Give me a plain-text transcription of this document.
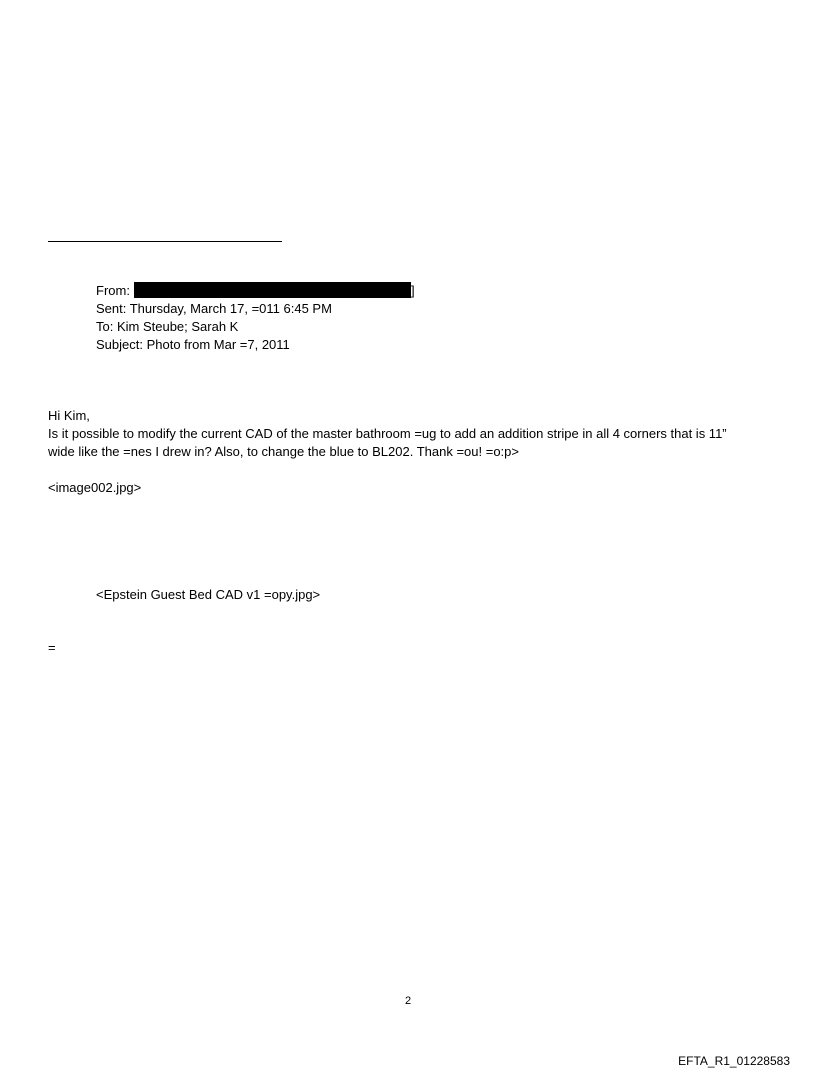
From:	]
Sent: Thursday, March 17, =011 6:45 PM
To: Kim Steube; Sarah K
Subject: Photo from Mar =7, 2011
Hi Kim,
Is it possible to modify the current CAD of the master bathroom =ug to add an addition stripe in all 4 corners that is 11”
wide like the =nes I drew in? Also, to change the blue to BL202. Thank =ou! =o:p>
<image002.jpg>
<Epstein Guest Bed CAD v1 =opy.jpg>
=
2
EFTA_R1_01228583
